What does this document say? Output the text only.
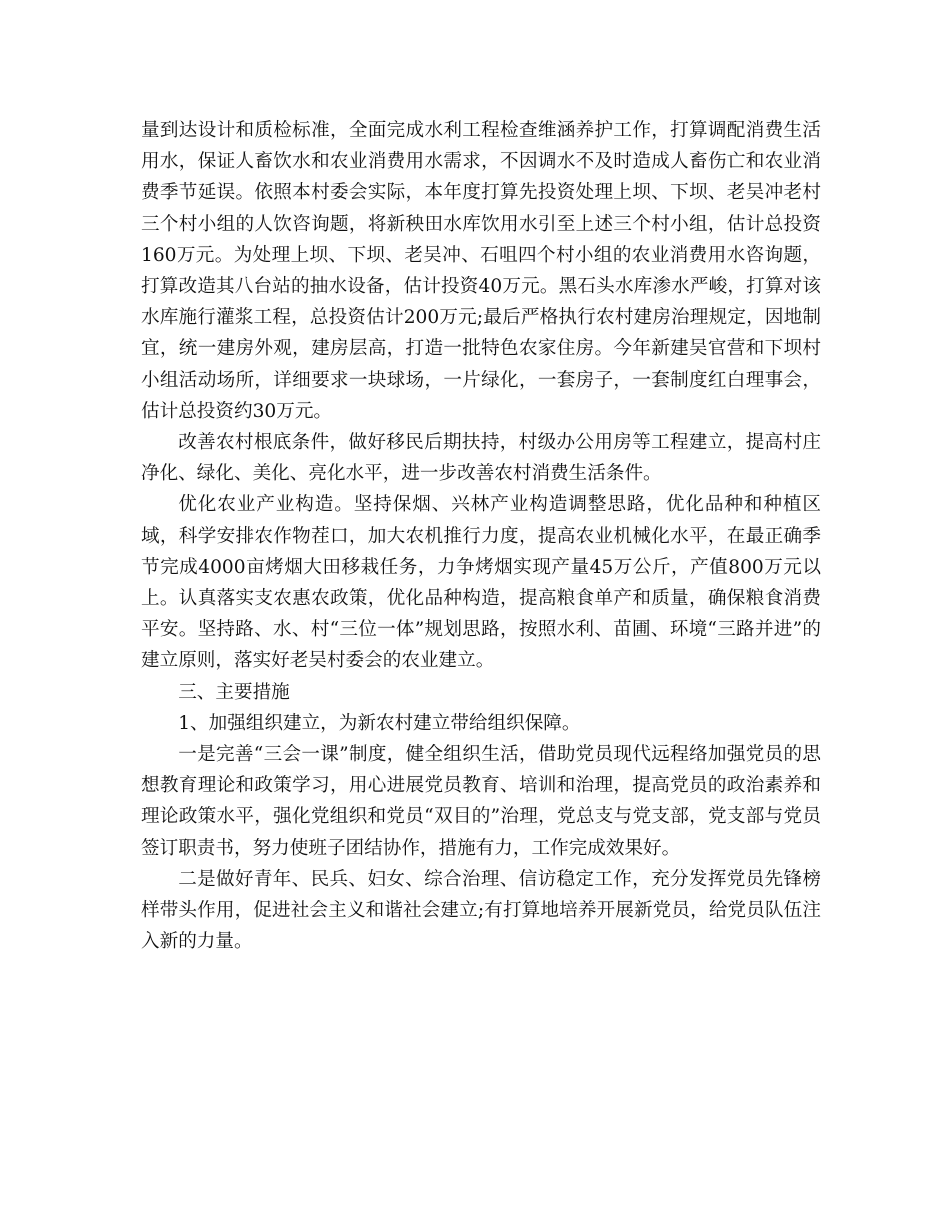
量到达设计和质检标准，全面完成水利工程检查维涵养护工作，打算调配消费生活用水，保证人畜饮水和农业消费用水需求，不因调水不及时造成人畜伤亡和农业消费季节延误。依照本村委会实际，本年度打算先投资处理上坝、下坝、老吴冲老村三个村小组的人饮咨询题，将新秧田水库饮用水引至上述三个村小组，估计总投资160万元。为处理上坝、下坝、老吴冲、石咀四个村小组的农业消费用水咨询题，打算改造其八台站的抽水设备，估计投资40万元。黑石头水库渗水严峻，打算对该水库施行灌浆工程，总投资估计200万元;最后严格执行农村建房治理规定，因地制宜，统一建房外观，建房层高，打造一批特色农家住房。今年新建吴官营和下坝村小组活动场所，详细要求一块球场，一片绿化，一套房子，一套制度红白理事会，估计总投资约30万元。

改善农村根底条件，做好移民后期扶持，村级办公用房等工程建立，提高村庄净化、绿化、美化、亮化水平，进一步改善农村消费生活条件。

优化农业产业构造。坚持保烟、兴林产业构造调整思路，优化品种和种植区域，科学安排农作物茬口，加大农机推行力度，提高农业机械化水平，在最正确季节完成4000亩烤烟大田移栽任务，力争烤烟实现产量45万公斤，产值800万元以上。认真落实支农惠农政策，优化品种构造，提高粮食单产和质量，确保粮食消费平安。坚持路、水、村“三位一体”规划思路，按照水利、苗圃、环境“三路并进”的建立原则，落实好老吴村委会的农业建立。

三、主要措施

1、加强组织建立，为新农村建立带给组织保障。

一是完善“三会一课”制度，健全组织生活，借助党员现代远程络加强党员的思想教育理论和政策学习，用心进展党员教育、培训和治理，提高党员的政治素养和理论政策水平，强化党组织和党员“双目的”治理，党总支与党支部，党支部与党员签订职责书，努力使班子团结协作，措施有力，工作完成效果好。

二是做好青年、民兵、妇女、综合治理、信访稳定工作，充分发挥党员先锋榜样带头作用，促进社会主义和谐社会建立;有打算地培养开展新党员，给党员队伍注入新的力量。
